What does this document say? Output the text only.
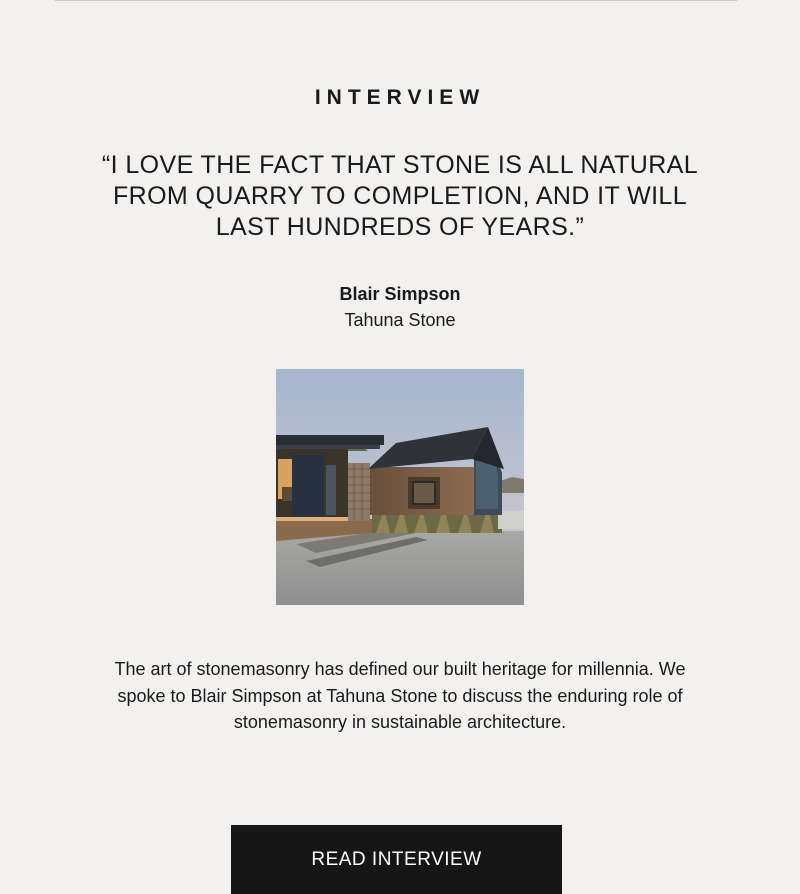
INTERVIEW
“I LOVE THE FACT THAT STONE IS ALL NATURAL FROM QUARRY TO COMPLETION, AND IT WILL LAST HUNDREDS OF YEARS.”
Blair Simpson
Tahuna Stone
The art of stonemasonry has defined our built heritage for millennia. We spoke to Blair Simpson at Tahuna Stone to discuss the enduring role of stonemasonry in sustainable architecture.
READ INTERVIEW
